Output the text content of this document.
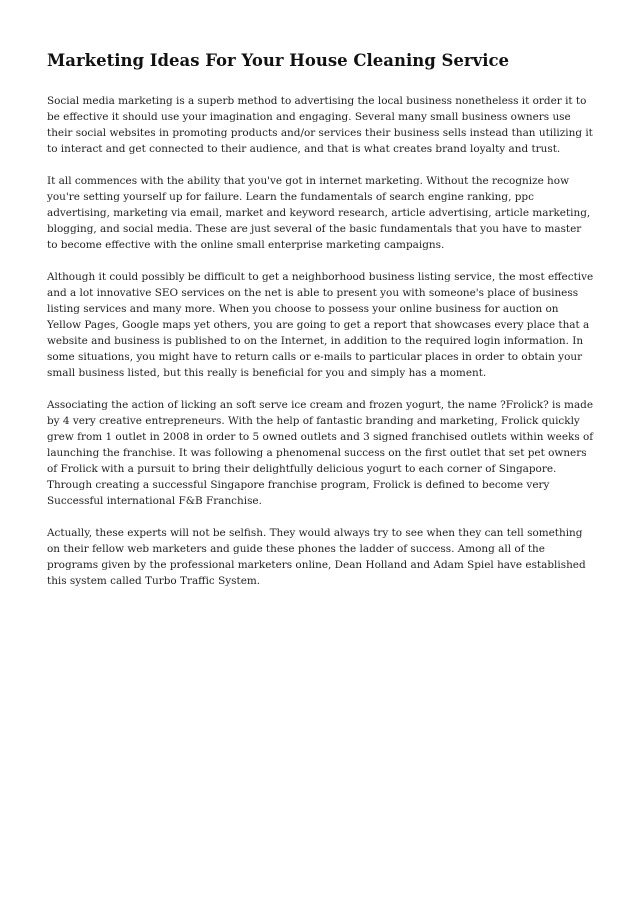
Marketing Ideas For Your House Cleaning Service

Social media marketing is a superb method to advertising the local business nonetheless it order it to be effective it should use your imagination and engaging. Several many small business owners use their social websites in promoting products and/or services their business sells instead than utilizing it to interact and get connected to their audience, and that is what creates brand loyalty and trust.

It all commences with the ability that you've got in internet marketing. Without the recognize how you're setting yourself up for failure. Learn the fundamentals of search engine ranking, ppc advertising, marketing via email, market and keyword research, article advertising, article marketing, blogging, and social media. These are just several of the basic fundamentals that you have to master to become effective with the online small enterprise marketing campaigns.

Although it could possibly be difficult to get a neighborhood business listing service, the most effective and a lot innovative SEO services on the net is able to present you with someone's place of business listing services and many more. When you choose to possess your online business for auction on Yellow Pages, Google maps yet others, you are going to get a report that showcases every place that a website and business is published to on the Internet, in addition to the required login information. In some situations, you might have to return calls or e-mails to particular places in order to obtain your small business listed, but this really is beneficial for you and simply has a moment.

Associating the action of licking an soft serve ice cream and frozen yogurt, the name ?Frolick? is made by 4 very creative entrepreneurs. With the help of fantastic branding and marketing, Frolick quickly grew from 1 outlet in 2008 in order to 5 owned outlets and 3 signed franchised outlets within weeks of launching the franchise. It was following a phenomenal success on the first outlet that set pet owners of Frolick with a pursuit to bring their delightfully delicious yogurt to each corner of Singapore. Through creating a successful Singapore franchise program, Frolick is defined to become very Successful international F&B Franchise.

Actually, these experts will not be selfish. They would always try to see when they can tell something on their fellow web marketers and guide these phones the ladder of success. Among all of the programs given by the professional marketers online, Dean Holland and Adam Spiel have established this system called Turbo Traffic System.
